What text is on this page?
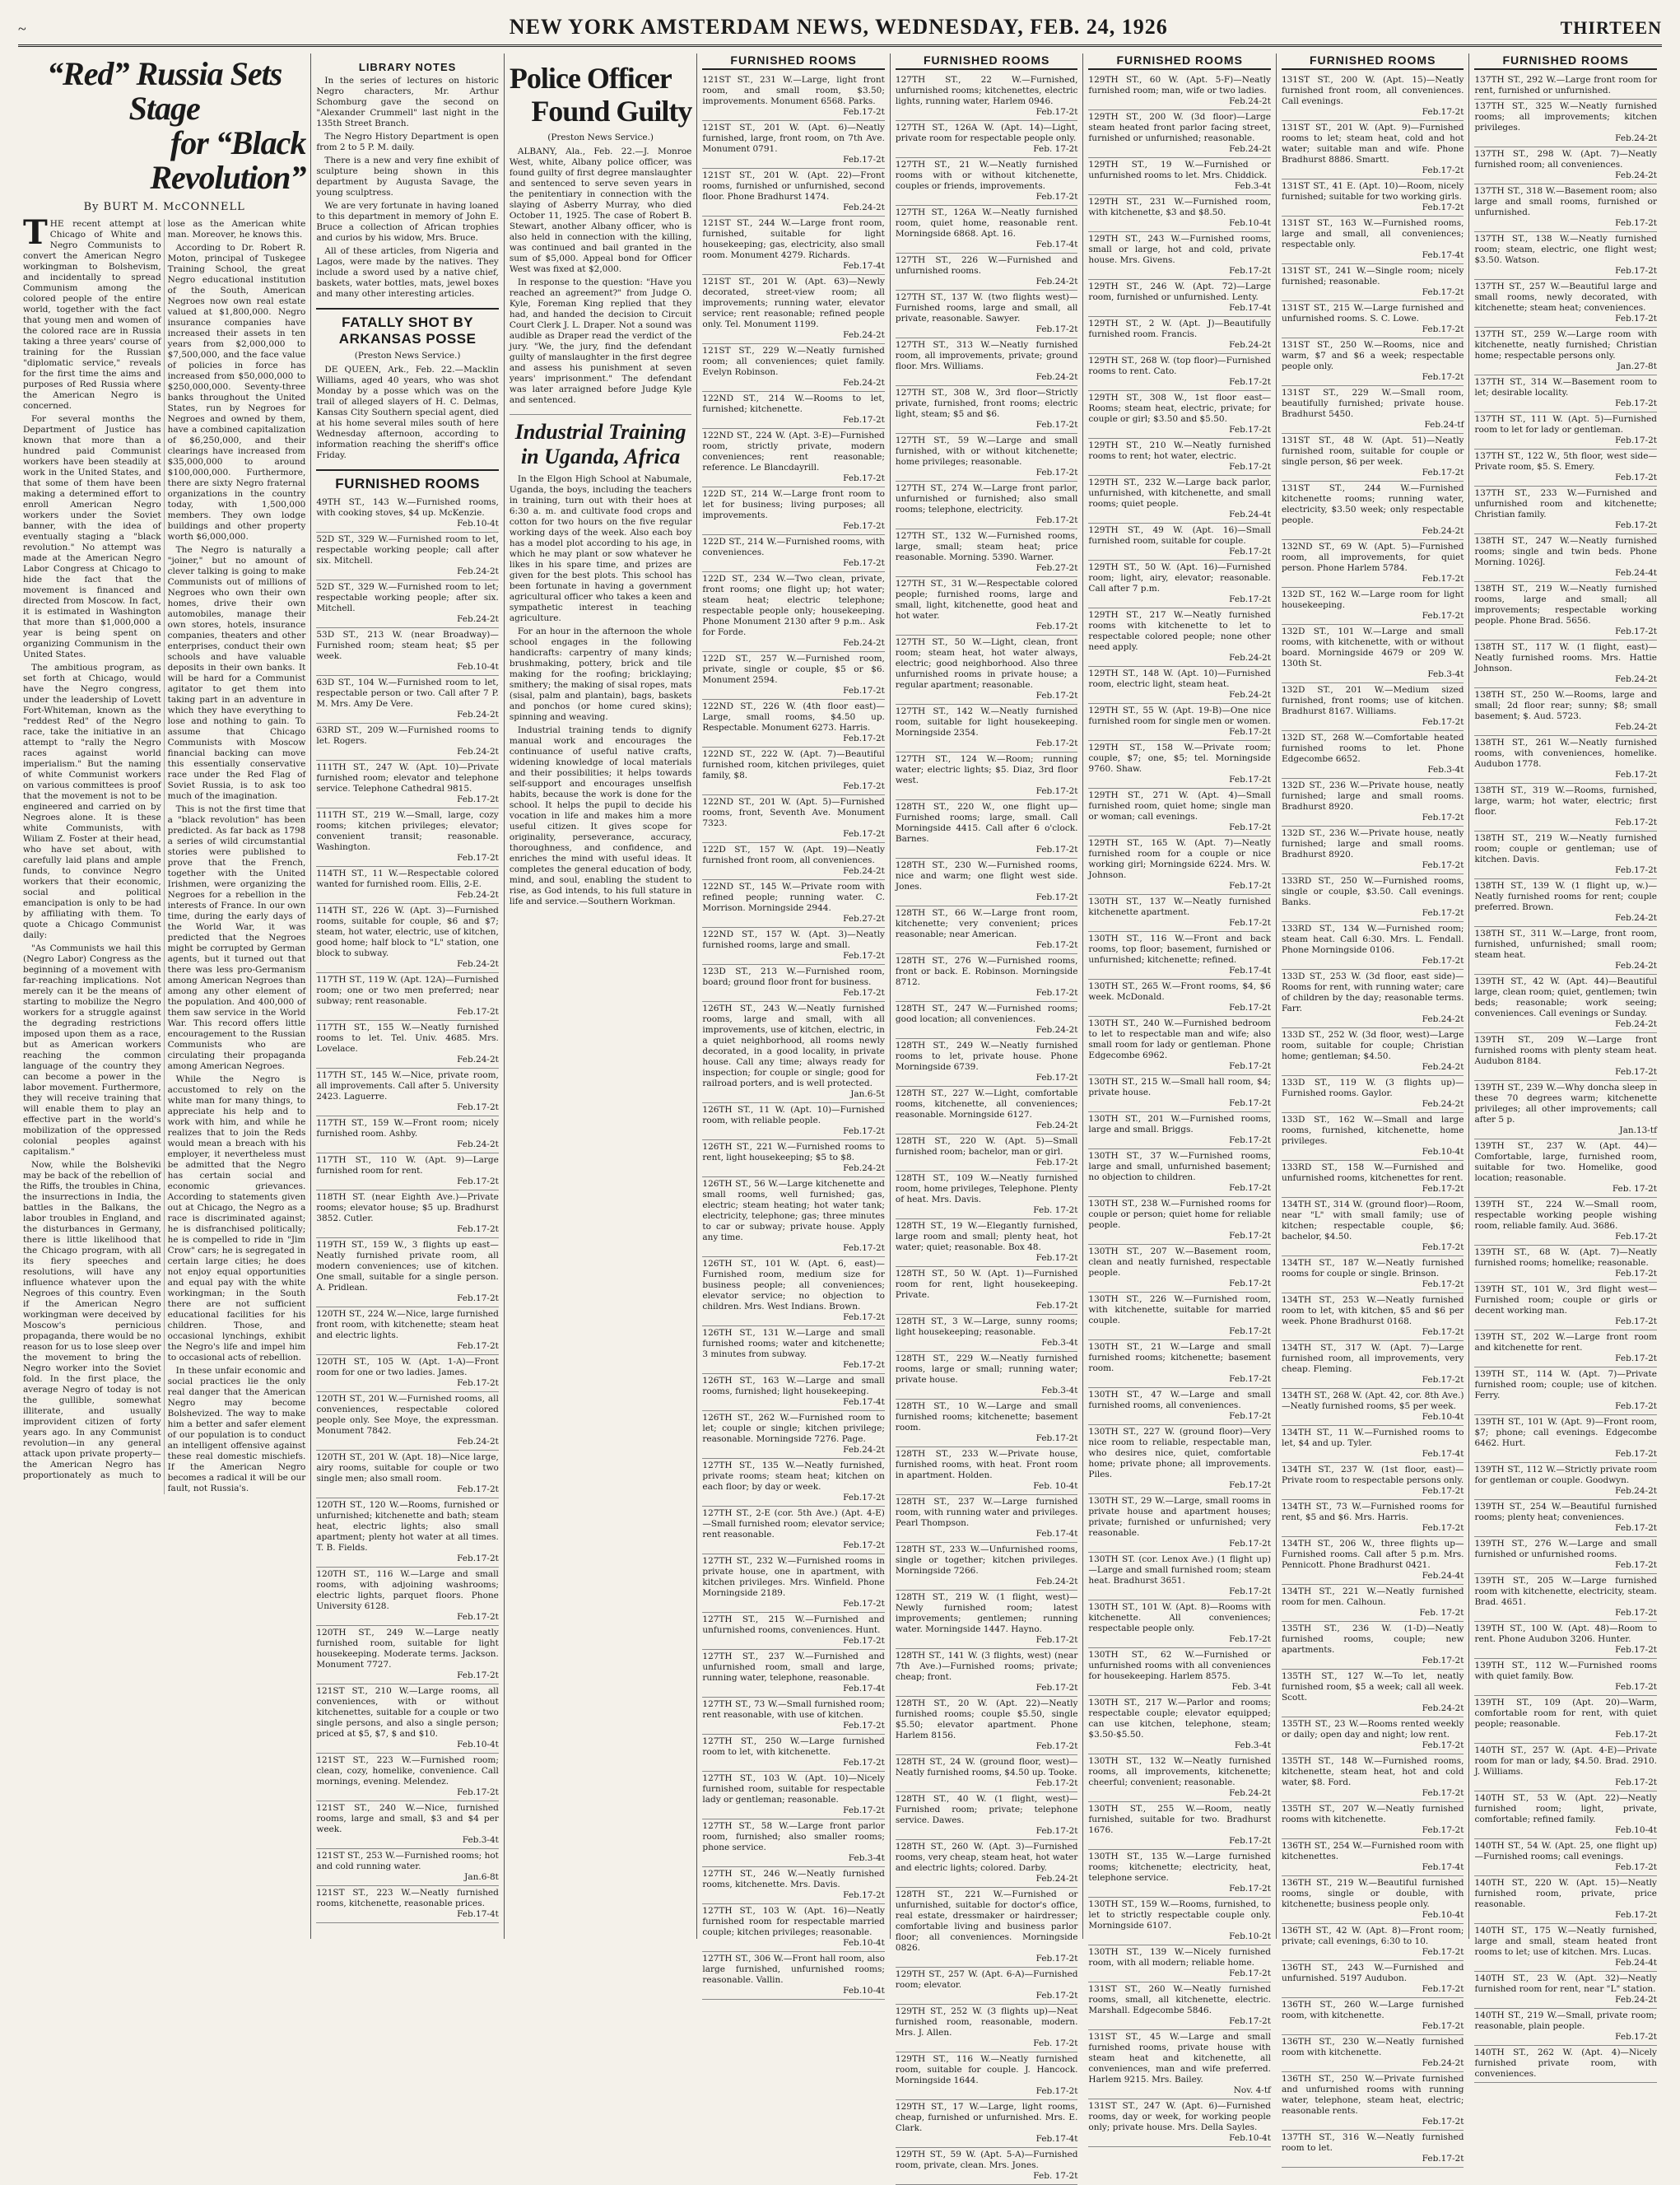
~	NEW YORK AMSTERDAM NEWS, WEDNESDAY, FEB. 24, 1926	THIRTEEN
“Red” Russia Sets Stage
for “Black Revolution”
By BURT M. McCONNELL

THE recent attempt at Chicago of White and Negro Communists to convert the American Negro workingman to Bolshevism, and incidentally to spread Communism among the colored people of the entire world, together with the fact that young men and women of the colored race are in Russia taking a three years' course of training for the Russian "diplomatic service," reveals for the first time the aims and purposes of Red Russia where the American Negro is concerned.

For several months the Department of Justice has known that more than a hundred paid Communist workers have been steadily at work in the United States, and that some of them have been making a determined effort to enroll American Negro workers under the Soviet banner, with the idea of eventually staging a "black revolution." No attempt was made at the American Negro Labor Congress at Chicago to hide the fact that the movement is financed and directed from Moscow. In fact, it is estimated in Washington that more than $1,000,000 a year is being spent on organizing Communism in the United States.

The ambitious program, as set forth at Chicago, would have the Negro congress, under the leadership of Lovett Fort-Whiteman, known as the "reddest Red" of the Negro race, take the initiative in an attempt to "rally the Negro races against world imperialism." But the naming of white Communist workers on various committees is proof that the movement is not to be engineered and carried on by Negroes alone. It is these white Communists, with Wiliam Z. Foster at their head, who have set about, with carefully laid plans and ample funds, to convince Negro workers that their economic, social and political emancipation is only to be had by affiliating with them. To quote a Chicago Communist daily:

"As Communists we hail this (Negro Labor) Congress as the beginning of a movement with far-reaching implications. Not merely can it be the means of starting to mobilize the Negro workers for a struggle against the degrading restrictions imposed upon them as a race, but as American workers reaching the common language of the country they can become a power in the labor movement. Furthermore, they will receive training that will enable them to play an effective part in the world's mobilization of the oppressed colonial peoples against capitalism."

Now, while the Bolsheviki may be back of the rebellion of the Riffs, the troubles in China, the insurrections in India, the battles in the Balkans, the labor troubles in England, and the disturbances in Germany, there is little likelihood that the Chicago program, with all its fiery speeches and resolutions, will have any influence whatever upon the Negroes of this country. Even if the American Negro workingman were deceived by Moscow's pernicious propaganda, there would be no reason for us to lose sleep over the movement to bring the Negro worker into the Soviet fold. In the first place, the average Negro of today is not the gullible, somewhat illiterate, and usually improvident citizen of forty years ago. In any Communist revolution—in any general attack upon private property—the American Negro has proportionately as much to lose as the American white man. Moreover, he knows this.

According to Dr. Robert R. Moton, principal of Tuskegee Training School, the great Negro educational institution of the South, American Negroes now own real estate valued at $1,800,000. Negro insurance companies have increased their assets in ten years from $2,000,000 to $7,500,000, and the face value of policies in force has increased from $50,000,000 to $250,000,000. Seventy-three banks throughout the United States, run by Negroes for Negroes and owned by them, have a combined capitalization of $6,250,000, and their clearings have increased from $35,000,000 to around $100,000,000. Furthermore, there are sixty Negro fraternal organizations in the country today, with 1,500,000 members. They own lodge buildings and other property worth $6,000,000.

The Negro is naturally a "joiner," but no amount of clever talking is going to make Communists out of millions of Negroes who own their own homes, drive their own automobiles, manage their own stores, hotels, insurance companies, theaters and other enterprises, conduct their own schools and have valuable deposits in their own banks. It will be hard for a Communist agitator to get them into taking part in an adventure in which they have everything to lose and nothing to gain. To assume that Chicago Communists with Moscow financial backing can move this essentially conservative race under the Red Flag of Soviet Russia, is to ask too much of the imagination.

This is not the first time that a "black revolution" has been predicted. As far back as 1798 a series of wild circumstantial stories were published to prove that the French, together with the United Irishmen, were organizing the Negroes for a rebellion in the interests of France. In our own time, during the early days of the World War, it was predicted that the Negroes might be corrupted by German agents, but it turned out that there was less pro-Germanism among American Negroes than among any other element of the population. And 400,000 of them saw service in the World War. This record offers little encouragement to the Russian Communists who are circulating their propaganda among American Negroes.

While the Negro is accustomed to rely on the white man for many things, to appreciate his help and to work with him, and while he realizes that to join the Reds would mean a breach with his employer, it nevertheless must be admitted that the Negro has certain social and economic grievances. According to statements given out at Chicago, the Negro as a race is discriminated against; he is disfranchised politically; he is compelled to ride in "Jim Crow" cars; he is segregated in certain large cities; he does not enjoy equal opportunities and equal pay with the white workingman; in the South there are not sufficient educational facilities for his children. Those, and occasional lynchings, exhibit the Negro's life and impel him to occasional acts of rebellion.

In these unfair economic and social practices lie the only real danger that the American Negro may become Bolshevized. The way to make him a better and safer element of our population is to conduct an intelligent offensive against these real domestic mischiefs. If the American Negro becomes a radical it will be our fault, not Russia's.

LIBRARY NOTES

In the series of lectures on historic Negro characters, Mr. Arthur Schomburg gave the second on "Alexander Crummell" last night in the 135th Street Branch.

The Negro History Department is open from 2 to 5 P. M. daily.

There is a new and very fine exhibit of sculpture being shown in this department by Augusta Savage, the young sculptress.

We are very fortunate in having loaned to this department in memory of John E. Bruce a collection of African trophies and curios by his widow, Mrs. Bruce.

All of these articles, from Nigeria and Lagos, were made by the natives. They include a sword used by a native chief, baskets, water bottles, mats, jewel boxes and many other interesting articles.

FATALLY SHOT BY ARKANSAS POSSE
(Preston News Service.)

DE QUEEN, Ark., Feb. 22.—Macklin Williams, aged 40 years, who was shot Monday by a posse which was on the trail of alleged slayers of H. C. Delmas, Kansas City Southern special agent, died at his home several miles south of here Wednesday afternoon, according to information reaching the sheriff's office Friday.

FURNISHED ROOMS
49TH ST., 143 W.—Furnished rooms, with cooking stoves, $4 up. McKenzie.
Feb.10-4t
52D ST., 329 W.—Furnished room to let, respectable working people; call after six. Mitchell.
Feb.24-2t
52D ST., 329 W.—Furnished room to let; respectable working people; after six. Mitchell.
Feb.24-2t
53D ST., 213 W. (near Broadway)—Furnished room; steam heat; $5 per week.
Feb.10-4t
63D ST., 104 W.—Furnished room to let, respectable person or two. Call after 7 P. M. Mrs. Amy De Vere.
Feb.24-2t
63RD ST., 209 W.—Furnished rooms to let. Rogers.
Feb.24-2t
111TH ST., 247 W. (Apt. 10)—Private furnished room; elevator and telephone service. Telephone Cathedral 9815.
Feb.17-2t
111TH ST., 219 W.—Small, large, cozy rooms; kitchen privileges; elevator; convenient transit; reasonable. Washington.
Feb.17-2t
114TH ST., 11 W.—Respectable colored wanted for furnished room. Ellis, 2-E.
Feb.24-2t
114TH ST., 226 W. (Apt. 3)—Furnished rooms, suitable for couple, $6 and $7; steam, hot water, electric, use of kitchen, good home; half block to "L" station, one block to subway.
Feb.24-2t
117TH ST., 119 W. (Apt. 12A)—Furnished room; one or two men preferred; near subway; rent reasonable.
Feb.17-2t
117TH ST., 155 W.—Neatly furnished rooms to let. Tel. Univ. 4685. Mrs. Lovelace.
Feb.24-2t
117TH ST., 145 W.—Nice, private room, all improvements. Call after 5. University 2423. Laguerre.
Feb.17-2t
117TH ST., 159 W.—Front room; nicely furnished room. Ashby.
Feb.24-2t
117TH ST., 110 W. (Apt. 9)—Large furnished room for rent.
Feb.17-2t
118TH ST. (near Eighth Ave.)—Private rooms; elevator house; $5 up. Bradhurst 3852. Cutler.
Feb.17-2t
119TH ST., 159 W., 3 flights up east—Neatly furnished private room, all modern conveniences; use of kitchen. One small, suitable for a single person. A. Pridlean.
Feb.17-2t
120TH ST., 224 W.—Nice, large furnished front room, with kitchenette; steam heat and electric lights.
Feb.17-2t
120TH ST., 105 W. (Apt. 1-A)—Front room for one or two ladies. James.
Feb.17-2t
120TH ST., 201 W.—Furnished rooms, all conveniences, respectable colored people only. See Moye, the expressman. Monument 7842.
Feb.24-2t
120TH ST., 201 W. (Apt. 18)—Nice large, airy rooms, suitable for couple or two single men; also small room.
Feb.17-2t
120TH ST., 120 W.—Rooms, furnished or unfurnished; kitchenette and bath; steam heat, electric lights; also small apartment; plenty hot water at all times. T. B. Fields.
Feb.17-2t
120TH ST., 116 W.—Large and small rooms, with adjoining washrooms; electric lights, parquet floors. Phone University 6128.
Feb.17-2t
120TH ST., 249 W.—Large neatly furnished room, suitable for light housekeeping. Moderate terms. Jackson. Monument 7727.
Feb.17-2t
121ST ST., 210 W.—Large rooms, all conveniences, with or without kitchenettes, suitable for a couple or two single persons, and also a single person; priced at $5, $7, $ and $10.
Feb.10-4t
121ST ST., 223 W.—Furnished room; clean, cozy, homelike, convenience. Call mornings, evening. Melendez.
Feb.17-2t
121ST ST., 240 W.—Nice, furnished rooms, large and small, $3 and $4 per week.
Feb.3-4t
121ST ST., 253 W.—Furnished rooms; hot and cold running water.
Jan.6-8t
121ST ST., 223 W.—Neatly furnished rooms, kitchenette, reasonable prices.
Feb.17-4t
Police Officer
Found Guilty
(Preston News Service.)

ALBANY, Ala., Feb. 22.—J. Monroe West, white, Albany police officer, was found guilty of first degree manslaughter and sentenced to serve seven years in the penitentiary in connection with the slaying of Asberry Murray, who died October 11, 1925. The case of Robert B. Stewart, another Albany officer, who is also held in connection with the killing, was continued and bail granted in the sum of $5,000. Appeal bond for Officer West was fixed at $2,000.

In response to the question: "Have you reached an agreement?" from Judge O. Kyle, Foreman King replied that they had, and handed the decision to Circuit Court Clerk J. L. Draper. Not a sound was audible as Draper read the verdict of the jury. "We, the jury, find the defendant guilty of manslaughter in the first degree and assess his punishment at seven years' imprisonment." The defendant was later arraigned before Judge Kyle and sentenced.

Industrial Training in Uganda, Africa

In the Elgon High School at Nabumale, Uganda, the boys, including the teachers in training, turn out with their hoes at 6:30 a. m. and cultivate food crops and cotton for two hours on the five regular working days of the week. Also each boy has a model plot according to his age, in which he may plant or sow whatever he likes in his spare time, and prizes are given for the best plots. This school has been fortunate in having a government agricultural officer who takes a keen and sympathetic interest in teaching agriculture.

For an hour in the afternoon the whole school engages in the following handicrafts: carpentry of many kinds; brushmaking, pottery, brick and tile making for the roofing; bricklaying; smithery; the making of sisal ropes, mats (sisal, palm and plantain), bags, baskets and ponchos (or home cured skins); spinning and weaving.

Industrial training tends to dignify manual work and encourages the continuance of useful native crafts, widening knowledge of local materials and their possibilities; it helps towards self-support and encourages unselfish habits, because the work is done for the school. It helps the pupil to decide his vocation in life and makes him a more useful citizen. It gives scope for originality, perseverance, accuracy, thoroughness, and confidence, and enriches the mind with useful ideas. It completes the general education of body, mind, and soul, enabling the student to rise, as God intends, to his full stature in life and service.—Southern Workman.

FURNISHED ROOMS
121ST ST., 231 W.—Large, light front room, and small room, $3.50; improvements. Monument 6568. Parks.
Feb.17-2t
121ST ST., 201 W. (Apt. 6)—Neatly furnished, large, front room, on 7th Ave. Monument 0791.
Feb.17-2t
121ST ST., 201 W. (Apt. 22)—Front rooms, furnished or unfurnished, second floor. Phone Bradhurst 1474.
Feb.24-2t
121ST ST., 244 W.—Large front room, furnished, suitable for light housekeeping; gas, electricity, also small room. Monument 4279. Richards.
Feb.17-4t
121ST ST., 201 W. (Apt. 63)—Newly decorated, street-view room; all improvements; running water, elevator service; rent reasonable; refined people only. Tel. Monument 1199.
Feb.24-2t
121ST ST., 229 W.—Neatly furnished room; all conveniences; quiet family. Evelyn Robinson.
Feb.24-2t
122ND ST., 214 W.—Rooms to let, furnished; kitchenette.
Feb.17-2t
122ND ST., 224 W. (Apt. 3-E)—Furnished room, strictly private, modern conveniences; rent reasonable; reference. Le Blancdayrill.
Feb.17-2t
122D ST., 214 W.—Large front room to let for business; living purposes; all improvements.
Feb.17-2t
122D ST., 214 W.—Furnished rooms, with conveniences.
Feb.17-2t
122D ST., 234 W.—Two clean, private, front rooms; one flight up; hot water; steam heat; electric telephone; respectable people only; housekeeping. Phone Monument 2130 after 9 p.m.. Ask for Forde.
Feb.24-2t
122D ST., 257 W.—Furnished room, private, single or couple, $5 or $6. Monument 2594.
Feb.17-2t
122ND ST., 226 W. (4th floor east)—Large, small rooms, $4.50 up. Respectable. Monument 6273. Harris.
Feb.17-2t
122ND ST., 222 W. (Apt. 7)—Beautiful furnished room, kitchen privileges, quiet family, $8.
Feb.17-2t
122ND ST., 201 W. (Apt. 5)—Furnished rooms, front, Seventh Ave. Monument 7323.
Feb.17-2t
122D ST., 157 W. (Apt. 19)—Neatly furnished front room, all conveniences.
Feb.24-2t
122ND ST., 145 W.—Private room with refined people; running water. C. Morrison. Morningside 2944.
Feb.27-2t
122ND ST., 157 W. (Apt. 3)—Neatly furnished rooms, large and small.
Feb.17-2t
123D ST., 213 W.—Furnished room, board; ground floor front for business.
Feb.17-2t
126TH ST., 243 W.—Neatly furnished rooms, large and small, with all improvements, use of kitchen, electric, in a quiet neighborhood, all rooms newly decorated, in a good locality, in private house. Call any time; always ready for inspection; for couple or single; good for railroad porters, and is well protected.
Jan.6-5t
126TH ST., 11 W. (Apt. 10)—Furnished room, with reliable people.
Feb.17-2t
126TH ST., 221 W.—Furnished rooms to rent, light housekeeping; $5 to $8.
Feb.24-2t
126TH ST., 56 W.—Large kitchenette and small rooms, well furnished; gas, electric; steam heating; hot water tank; electricity, telephone; gas; three minutes to car or subway; private house. Apply any time.
Feb.17-2t
126TH ST., 101 W. (Apt. 6, east)—Furnished room, medium size for business people; all conveniences; elevator service; no objection to children. Mrs. West Indians. Brown.
Feb.17-2t
126TH ST., 131 W.—Large and small furnished rooms; water and kitchenette; 3 minutes from subway.
Feb.17-2t
126TH ST., 163 W.—Large and small rooms, furnished; light housekeeping.
Feb.17-4t
126TH ST., 262 W.—Furnished room to let; couple or single; kitchen privilege; reasonable. Morningside 7276. Page.
Feb.24-2t
127TH ST., 135 W.—Neatly furnished, private rooms; steam heat; kitchen on each floor; by day or week.
Feb.17-2t
127TH ST., 2-E (cor. 5th Ave.) (Apt. 4-E)—Small furnished room; elevator service; rent reasonable.
Feb.17-2t
127TH ST., 232 W.—Furnished rooms in private house, one in apartment, with kitchen privileges. Mrs. Winfield. Phone Morningside 2189.
Feb.17-2t
127TH ST., 215 W.—Furnished and unfurnished rooms, conveniences. Hunt.
Feb.17-2t
127TH ST., 237 W.—Furnished and unfurnished room, small and large, running water, telephone, reasonable.
Feb.17-4t
127TH ST., 73 W.—Small furnished room; rent reasonable, with use of kitchen.
Feb.17-2t
127TH ST., 250 W.—Large furnished room to let, with kitchenette.
Feb.17-2t
127TH ST., 103 W. (Apt. 10)—Nicely furnished room, suitable for respectable lady or gentleman; reasonable.
Feb.17-2t
127TH ST., 58 W.—Large front parlor room, furnished; also smaller rooms; phone service.
Feb.3-4t
127TH ST., 246 W.—Neatly furnished rooms, kitchenette. Mrs. Davis.
Feb.17-2t
127TH ST., 103 W. (Apt. 16)—Neatly furnished room for respectable married couple; kitchen privileges; reasonable.
Feb.10-4t
127TH ST., 306 W.—Front hall room, also large furnished, unfurnished rooms; reasonable. Vallin.
Feb.10-4t
FURNISHED ROOMS
127TH ST., 22 W.—Furnished, unfurnished rooms; kitchenettes, electric lights, running water, Harlem 0946.
Feb.17-2t
127TH ST., 126A W. (Apt. 14)—Light, private room for respectable people only.
Feb. 17-2t
127TH ST., 21 W.—Neatly furnished rooms with or without kitchenette, couples or friends, improvements.
Feb.17-2t
127TH ST., 126A W.—Neatly furnished room, quiet home, reasonable rent. Morningside 6868. Apt. 16.
Feb.17-4t
127TH ST., 226 W.—Furnished and unfurnished rooms.
Feb.24-2t
127TH ST., 137 W. (two flights west)—Furnished rooms, large and small, all private, reasonable. Sawyer.
Feb.17-2t
127TH ST., 313 W.—Neatly furnished room, all improvements, private; ground floor. Mrs. Williams.
Feb.24-2t
127TH ST., 308 W., 3rd floor—Strictly private, furnished, front rooms; electric light, steam; $5 and $6.
Feb.17-2t
127TH ST., 59 W.—Large and small furnished, with or without kitchenette; home privileges; reasonable.
Feb.17-2t
127TH ST., 274 W.—Large front parlor, unfurnished or furnished; also small rooms; telephone, electricity.
Feb.17-2t
127TH ST., 132 W.—Furnished rooms, large, small; steam heat; price reasonable. Morning. 5390. Warner.
Feb.27-2t
127TH ST., 31 W.—Respectable colored people; furnished rooms, large and small, light, kitchenette, good heat and hot water.
Feb.17-2t
127TH ST., 50 W.—Light, clean, front room; steam heat, hot water always, electric; good neighborhood. Also three unfurnished rooms in private house; a regular apartment; reasonable.
Feb.17-2t
127TH ST., 142 W.—Neatly furnished room, suitable for light housekeeping. Morningside 2354.
Feb.17-2t
127TH ST., 124 W.—Room; running water; electric lights; $5. Diaz, 3rd floor west.
Feb.17-2t
128TH ST., 220 W., one flight up—Furnished rooms; large, small. Call Morningside 4415. Call after 6 o'clock. Barnes.
Feb.17-2t
128TH ST., 230 W.—Furnished rooms, nice and warm; one flight west side. Jones.
Feb.17-2t
128TH ST., 66 W.—Large front room, kitchenette; very convenient; prices reasonable; near American.
Feb.17-2t
128TH ST., 276 W.—Furnished rooms, front or back. E. Robinson. Morningside 8712.
Feb.17-2t
128TH ST., 247 W.—Furnished rooms; good location; all conveniences.
Feb.24-2t
128TH ST., 249 W.—Neatly furnished rooms to let, private house. Phone Morningside 6739.
Feb.17-2t
128TH ST., 227 W.—Light, comfortable rooms, kitchenette, all conveniences; reasonable. Morningside 6127.
Feb.24-2t
128TH ST., 220 W. (Apt. 5)—Small furnished room; bachelor, man or girl.
Feb.17-2t
128TH ST., 109 W.—Neatly furnished room, home privileges, Telephone. Plenty of heat. Mrs. Davis.
Feb. 17-2t
128TH ST., 19 W.—Elegantly furnished, large room and small; plenty heat, hot water; quiet; reasonable. Box 48.
Feb.17-2t
128TH ST., 50 W. (Apt. 1)—Furnished room for rent, light housekeeping. Private.
Feb.17-2t
128TH ST., 3 W.—Large, sunny rooms; light housekeeping; reasonable.
Feb.3-4t
128TH ST., 229 W.—Neatly furnished rooms, large or small; running water; private house.
Feb.3-4t
128TH ST., 10 W.—Large and small furnished rooms; kitchenette; basement room.
Feb.17-2t
128TH ST., 233 W.—Private house, furnished rooms, with heat. Front room in apartment. Holden.
Feb. 10-4t
128TH ST., 237 W.—Large furnished room, with running water and privileges. Pearl Thompson.
Feb.17-4t
128TH ST., 233 W.—Unfurnished rooms, single or together; kitchen privileges. Morningside 7266.
Feb.24-2t
128TH ST., 219 W. (1 flight, west)—Newly furnished room; latest improvements; gentlemen; running water. Morningside 1447. Hayno.
Feb.17-2t
128TH ST., 141 W. (3 flights, west) (near 7th Ave.)—Furnished rooms; private; cheap; front.
Feb.17-2t
128TH ST., 20 W. (Apt. 22)—Neatly furnished rooms; couple $5.50, single $5.50; elevator apartment. Phone Harlem 8156.
Feb.17-2t
128TH ST., 24 W. (ground floor, west)—Neatly furnished rooms, $4.50 up. Tooke.
Feb.17-2t
128TH ST., 40 W. (1 flight, west)—Furnished room; private; telephone service. Dawes.
Feb.17-2t
128TH ST., 260 W. (Apt. 3)—Furnished rooms, very cheap, steam heat, hot water and electric lights; colored. Darby.
Feb.24-2t
128TH ST., 221 W.—Furnished or unfurnished, suitable for doctor's office, real estate, dressmaker or hairdresser; comfortable living and business parlor floor; all conveniences. Morningside 0826.
Feb.17-2t
129TH ST., 257 W. (Apt. 6-A)—Furnished room; elevator.
Feb.17-2t
129TH ST., 252 W. (3 flights up)—Neat furnished room, reasonable, modern. Mrs. J. Allen.
Feb. 17-2t
129TH ST., 116 W.—Neatly furnished room, suitable for couple. J. Hancock. Morningside 1644.
Feb.17-2t
129TH ST., 17 W.—Large, light rooms, cheap, furnished or unfurnished. Mrs. E. Clark.
Feb.17-4t
129TH ST., 59 W. (Apt. 5-A)—Furnished room, private, clean. Mrs. Jones.
Feb. 17-2t
FURNISHED ROOMS
129TH ST., 60 W. (Apt. 5-F)—Neatly furnished room; man, wife or two ladies.
Feb.24-2t
129TH ST., 200 W. (3d floor)—Large steam heated front parlor facing street, furnished or unfurnished; reasonable.
Feb.24-2t
129TH ST., 19 W.—Furnished or unfurnished rooms to let. Mrs. Chiddick.
Feb.3-4t
129TH ST., 231 W.—Furnished room, with kitchenette, $3 and $8.50.
Feb.10-4t
129TH ST., 243 W.—Furnished rooms, small or large, hot and cold, private house. Mrs. Givens.
Feb.17-2t
129TH ST., 246 W. (Apt. 72)—Large room, furnished or unfurnished. Lenty.
Feb.17-4t
129TH ST., 2 W. (Apt. J)—Beautifully furnished room. Francis.
Feb.24-2t
129TH ST., 268 W. (top floor)—Furnished rooms to rent. Cato.
Feb.17-2t
129TH ST., 308 W., 1st floor east—Rooms; steam heat, electric, private; for couple or girl; $3.50 and $5.50.
Feb.17-2t
129TH ST., 210 W.—Neatly furnished rooms to rent; hot water, electric.
Feb.17-2t
129TH ST., 232 W.—Large back parlor, unfurnished, with kitchenette, and small rooms; quiet people.
Feb.24-4t
129TH ST., 49 W. (Apt. 16)—Small furnished room, suitable for couple.
Feb.17-2t
129TH ST., 50 W. (Apt. 16)—Furnished room; light, airy, elevator; reasonable. Call after 7 p.m.
Feb.17-2t
129TH ST., 217 W.—Neatly furnished rooms with kitchenette to let to respectable colored people; none other need apply.
Feb.24-2t
129TH ST., 148 W. (Apt. 10)—Furnished room, electric light, steam heat.
Feb.24-2t
129TH ST., 55 W. (Apt. 19-B)—One nice furnished room for single men or women.
Feb.17-2t
129TH ST., 158 W.—Private room; couple, $7; one, $5; tel. Morningside 9760. Shaw.
Feb.17-2t
129TH ST., 271 W. (Apt. 4)—Small furnished room, quiet home; single man or woman; call evenings.
Feb.17-2t
129TH ST., 165 W. (Apt. 7)—Neatly furnished room for a couple or nice working girl; Morningside 6224. Mrs. W. Johnson.
Feb.17-2t
130TH ST., 137 W.—Neatly furnished kitchenette apartment.
Feb.17-2t
130TH ST., 116 W.—Front and back rooms, top floor; basement, furnished or unfurnished; kitchenette; refined.
Feb.17-4t
130TH ST., 265 W.—Front rooms, $4, $6 week. McDonald.
Feb.17-2t
130TH ST., 240 W.—Furnished bedroom to let to respectable man and wife; also small room for lady or gentleman. Phone Edgecombe 6962.
Feb.17-2t
130TH ST., 215 W.—Small hall room, $4; private house.
Feb.17-2t
130TH ST., 201 W.—Furnished rooms, large and small. Briggs.
Feb.17-2t
130TH ST., 37 W.—Furnished rooms, large and small, unfurnished basement; no objection to children.
Feb.17-2t
130TH ST., 238 W.—Furnished rooms for couple or person; quiet home for reliable people.
Feb.17-2t
130TH ST., 207 W.—Basement room, clean and neatly furnished, respectable people.
Feb.17-2t
130TH ST., 226 W.—Furnished room, with kitchenette, suitable for married couple.
Feb.17-2t
130TH ST., 21 W.—Large and small furnished rooms; kitchenette; basement room.
Feb.17-2t
130TH ST., 47 W.—Large and small furnished rooms, all conveniences.
Feb.17-2t
130TH ST., 227 W. (ground floor)—Very nice room to reliable, respectable man, who desires nice, quiet, comfortable home; private phone; all improvements. Piles.
Feb.17-2t
130TH ST., 29 W.—Large, small rooms in private house and apartment houses; private; furnished or unfurnished; very reasonable.
Feb.17-2t
130TH ST. (cor. Lenox Ave.) (1 flight up)—Large and small furnished room; steam heat. Bradhurst 3651.
Feb.17-2t
130TH ST., 101 W. (Apt. 8)—Rooms with kitchenette. All conveniences; respectable people only.
Feb.17-2t
130TH ST., 62 W.—Furnished or unfurnished rooms with all conveniences for housekeeping. Harlem 8575.
Feb. 3-4t
130TH ST., 217 W.—Parlor and rooms; respectable couple; elevator equipped; can use kitchen, telephone, steam; $3.50-$5.50.
Feb.3-4t
130TH ST., 132 W.—Neatly furnished rooms, all improvements, kitchenette; cheerful; convenient; reasonable.
Feb.24-2t
130TH ST., 255 W.—Room, neatly furnished, suitable for two. Bradhurst 1676.
Feb.17-2t
130TH ST., 135 W.—Large furnished rooms; kitchenette; electricity, heat, telephone service.
Feb.17-2t
130TH ST., 159 W.—Rooms, furnished, to let to strictly respectable couple only. Morningside 6107.
Feb.10-2t
130TH ST., 139 W.—Nicely furnished room, with all modern; reliable home.
Feb.17-2t
131ST ST., 260 W.—Neatly furnished rooms, small, all kitchenette, electric. Marshall. Edgecombe 5846.
Feb.17-2t
131ST ST., 45 W.—Large and small furnished rooms, private house with steam heat and kitchenette, all conveniences, man and wife preferred. Harlem 9215. Mrs. Bailey.
Nov. 4-tf
131ST ST., 247 W. (Apt. 6)—Furnished rooms, day or week, for working people only; private house. Mrs. Della Sayles.
Feb.10-4t
FURNISHED ROOMS
131ST ST., 200 W. (Apt. 15)—Neatly furnished front room, all conveniences. Call evenings.
Feb.17-2t
131ST ST., 201 W. (Apt. 9)—Furnished rooms to let; steam heat, cold and hot water; suitable man and wife. Phone Bradhurst 8886. Smartt.
Feb.17-2t
131ST ST., 41 E. (Apt. 10)—Room, nicely furnished; suitable for two working girls.
Feb.17-2t
131ST ST., 163 W.—Furnished rooms, large and small, all conveniences; respectable only.
Feb.17-4t
131ST ST., 241 W.—Single room; nicely furnished; reasonable.
Feb.17-2t
131ST ST., 215 W.—Large furnished and unfurnished rooms. S. C. Lowe.
Feb.17-2t
131ST ST., 250 W.—Rooms, nice and warm, $7 and $6 a week; respectable people only.
Feb.17-2t
131ST ST., 229 W.—Small room, beautifully furnished; private house. Bradhurst 5450.
Feb.24-tf
131ST ST., 48 W. (Apt. 51)—Neatly furnished room, suitable for couple or single person, $6 per week.
Feb.17-2t
131ST ST., 244 W.—Furnished kitchenette rooms; running water, electricity, $3.50 week; only respectable people.
Feb.24-2t
132ND ST., 69 W. (Apt. 5)—Furnished room, all improvements, for quiet person. Phone Harlem 5784.
Feb.17-2t
132D ST., 162 W.—Large room for light housekeeping.
Feb.17-2t
132D ST., 101 W.—Large and small rooms, with kitchenette, with or without board. Morningside 4679 or 209 W. 130th St.
Feb.3-4t
132D ST., 201 W.—Medium sized furnished, front rooms; use of kitchen. Bradhurst 8167. Williams.
Feb.17-2t
132D ST., 268 W.—Comfortable heated furnished rooms to let. Phone Edgecombe 6652.
Feb.3-4t
132D ST., 236 W.—Private house, neatly furnished; large and small rooms. Bradhurst 8920.
Feb.17-2t
132D ST., 236 W.—Private house, neatly furnished; large and small rooms. Bradhurst 8920.
Feb.17-2t
133RD ST., 250 W.—Furnished rooms, single or couple, $3.50. Call evenings. Banks.
Feb.17-2t
133RD ST., 134 W.—Furnished room; steam heat. Call 6:30. Mrs. L. Fendall. Phone Morningside 0106.
Feb.17-2t
133D ST., 253 W. (3d floor, east side)—Rooms for rent, with running water; care of children by the day; reasonable terms. Farr.
Feb.24-2t
133D ST., 252 W. (3d floor, west)—Large room, suitable for couple; Christian home; gentleman; $4.50.
Feb.24-2t
133D ST., 119 W. (3 flights up)—Furnished rooms. Gaylor.
Feb.24-2t
133D ST., 162 W.—Small and large rooms, furnished, kitchenette, home privileges.
Feb.10-4t
133RD ST., 158 W.—Furnished and unfurnished rooms, kitchenettes for rent.
Feb.17-2t
134TH ST., 314 W. (ground floor)—Room, near "L" with small family; use of kitchen; respectable couple, $6; bachelor, $4.50.
Feb.17-2t
134TH ST., 187 W.—Neatly furnished rooms for couple or single. Brinson.
Feb.17-2t
134TH ST., 253 W.—Neatly furnished room to let, with kitchen, $5 and $6 per week. Phone Bradhurst 0168.
Feb.17-2t
134TH ST., 317 W. (Apt. 7)—Large furnished room, all improvements, very cheap. Fleming.
Feb.17-2t
134TH ST., 268 W. (Apt. 42, cor. 8th Ave.)—Neatly furnished rooms, $5 per week.
Feb.10-4t
134TH ST., 11 W.—Furnished rooms to let, $4 and up. Tyler.
Feb.17-4t
134TH ST., 237 W. (1st floor, east)—Private room to respectable persons only.
Feb.17-2t
134TH ST., 73 W.—Furnished rooms for rent, $5 and $6. Mrs. Harris.
Feb.17-2t
134TH ST., 206 W., three flights up—Furnished rooms. Call after 5 p.m. Mrs. Pennicott. Phone Bradhurst 0421.
Feb.24-4t
134TH ST., 221 W.—Neatly furnished room for men. Calhoun.
Feb. 17-2t
135TH ST., 236 W. (1-D)—Neatly furnished rooms, couple; new apartments.
Feb.17-2t
135TH ST., 127 W.—To let, neatly furnished room, $5 a week; call all week. Scott.
Feb.24-2t
135TH ST., 23 W.—Rooms rented weekly or daily; open day and night; low rent.
Feb.17-2t
135TH ST., 148 W.—Furnished rooms, kitchenette, steam heat, hot and cold water, $8. Ford.
Feb.17-2t
135TH ST., 207 W.—Neatly furnished rooms with kitchenette.
Feb.17-2t
136TH ST., 254 W.—Furnished room with kitchenettes.
Feb.17-4t
136TH ST., 219 W.—Beautiful furnished rooms, single or double, with kitchenette; business people only.
Feb.10-4t
136TH ST., 42 W. (Apt. 8)—Front room; private; call evenings, 6:30 to 10.
Feb.17-2t
136TH ST., 243 W.—Furnished and unfurnished. 5197 Audubon.
Feb.17-2t
136TH ST., 260 W.—Large furnished room, with kitchenette.
Feb.17-2t
136TH ST., 230 W.—Neatly furnished room with kitchenette.
Feb.24-2t
136TH ST., 250 W.—Private furnished and unfurnished rooms with running water, telephone, steam heat, electric; reasonable rents.
Feb.17-2t
137TH ST., 316 W.—Neatly furnished room to let.
Feb.17-2t
FURNISHED ROOMS
137TH ST., 292 W.—Large front room for rent, furnished or unfurnished.
137TH ST., 325 W.—Neatly furnished rooms; all improvements; kitchen privileges.
Feb.24-2t
137TH ST., 298 W. (Apt. 7)—Neatly furnished room; all conveniences.
Feb.24-2t
137TH ST., 318 W.—Basement room; also large and small rooms, furnished or unfurnished.
Feb.17-2t
137TH ST., 138 W.—Neatly furnished room; steam, electric, one flight west; $3.50. Watson.
Feb.17-2t
137TH ST., 257 W.—Beautiful large and small rooms, newly decorated, with kitchenette; steam heat; conveniences.
Feb.17-2t
137TH ST., 259 W.—Large room with kitchenette, neatly furnished; Christian home; respectable persons only.
Jan.27-8t
137TH ST., 314 W.—Basement room to let; desirable locality.
Feb.17-2t
137TH ST., 111 W. (Apt. 5)—Furnished room to let for lady or gentleman.
Feb.17-2t
137TH ST., 122 W., 5th floor, west side—Private room, $5. S. Emery.
Feb.17-2t
137TH ST., 233 W.—Furnished and unfurnished room and kitchenette; Christian family.
Feb.17-2t
138TH ST., 247 W.—Neatly furnished rooms; single and twin beds. Phone Morning. 1026J.
Feb.24-4t
138TH ST., 219 W.—Neatly furnished rooms, large and small; all improvements; respectable working people. Phone Brad. 5656.
Feb.17-2t
138TH ST., 117 W. (1 flight, east)—Neatly furnished rooms. Mrs. Hattie Johnson.
Feb.24-2t
138TH ST., 250 W.—Rooms, large and small; 2d floor rear; sunny; $8; small basement; $. Aud. 5723.
Feb.24-2t
138TH ST., 261 W.—Neatly furnished rooms, with conveniences, homelike. Audubon 1778.
Feb.17-2t
138TH ST., 319 W.—Rooms, furnished, large, warm; hot water, electric; first floor.
Feb.17-2t
138TH ST., 219 W.—Neatly furnished room; couple or gentleman; use of kitchen. Davis.
Feb.17-2t
138TH ST., 139 W. (1 flight up, w.)—Neatly furnished rooms for rent; couple preferred. Brown.
Feb.24-2t
138TH ST., 311 W.—Large, front room, furnished, unfurnished; small room; steam heat.
Feb.24-2t
139TH ST., 42 W. (Apt. 44)—Beautiful large, clean room; quiet, gentlemen; twin beds; reasonable; work seeing; conveniences. Call evenings or Sunday.
Feb.24-2t
139TH ST., 209 W.—Large front furnished rooms with plenty steam heat. Audubon 8184.
Feb.17-2t
139TH ST., 239 W.—Why doncha sleep in these 70 degrees warm; kitchenette privileges; all other improvements; call after 5 p.
Jan.13-tf
139TH ST., 237 W. (Apt. 44)—Comfortable, large, furnished room, suitable for two. Homelike, good location; reasonable.
Feb. 17-2t
139TH ST., 224 W.—Small room, respectable working people wishing room, reliable family. Aud. 3686.
Feb.17-2t
139TH ST., 68 W. (Apt. 7)—Neatly furnished rooms; homelike; reasonable.
Feb.17-2t
139TH ST., 101 W., 3rd flight west—Furnished room; couple or girls or decent working man.
Feb.17-2t
139TH ST., 202 W.—Large front room and kitchenette for rent.
Feb.17-2t
139TH ST., 114 W. (Apt. 7)—Private furnished room; couple; use of kitchen. Ferry.
Feb.17-2t
139TH ST., 101 W. (Apt. 9)—Front room, $7; phone; call evenings. Edgecombe 6462. Hurt.
Feb.17-2t
139TH ST., 112 W.—Strictly private room for gentleman or couple. Goodwyn.
Feb.24-2t
139TH ST., 254 W.—Beautiful furnished rooms; plenty heat; conveniences.
Feb.17-2t
139TH ST., 276 W.—Large and small furnished or unfurnished rooms.
Feb.17-2t
139TH ST., 205 W.—Large furnished room with kitchenette, electricity, steam. Brad. 4651.
Feb.17-2t
139TH ST., 100 W. (Apt. 48)—Room to rent. Phone Audubon 3206. Hunter.
Feb.17-2t
139TH ST., 112 W.—Furnished rooms with quiet family. Bow.
Feb.17-2t
139TH ST., 109 (Apt. 20)—Warm, comfortable room for rent, with quiet people; reasonable.
Feb.17-2t
140TH ST., 257 W. (Apt. 4-E)—Private room for man or lady, $4.50. Brad. 2910. J. Williams.
Feb.17-2t
140TH ST., 53 W. (Apt. 22)—Neatly furnished room; light, private, comfortable; refined family.
Feb.10-4t
140TH ST., 54 W. (Apt. 25, one flight up)—Furnished rooms; call evenings.
Feb.17-2t
140TH ST., 220 W. (Apt. 15)—Neatly furnished room, private, price reasonable.
Feb.17-2t
140TH ST., 175 W.—Neatly furnished, large and small, steam heated front rooms to let; use of kitchen. Mrs. Lucas.
Feb.24-4t
140TH ST., 23 W. (Apt. 32)—Neatly furnished room for rent, near "L" station.
Feb.24-2t
140TH ST., 219 W.—Small, private room; reasonable, plain people.
Feb.17-2t
140TH ST., 262 W. (Apt. 4)—Nicely furnished private room, with conveniences.
